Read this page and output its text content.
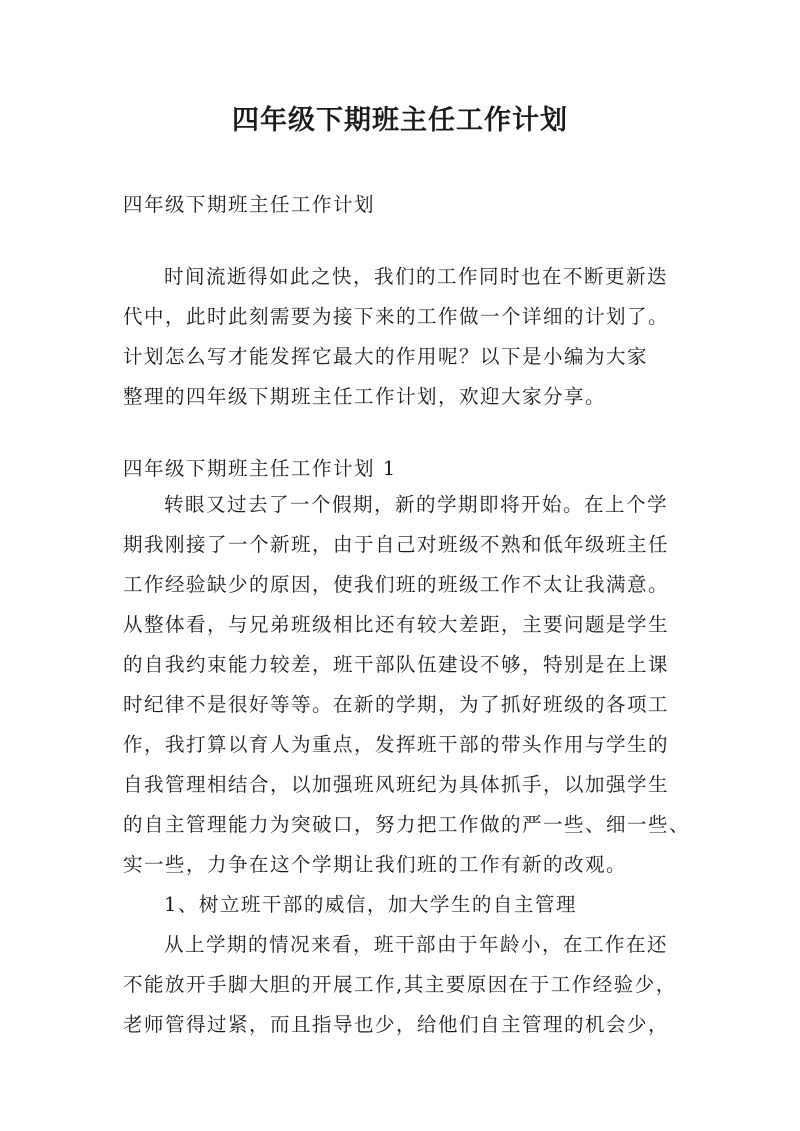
四年级下期班主任工作计划

四年级下期班主任工作计划

时间流逝得如此之快，我们的工作同时也在不断更新迭
代中，此时此刻需要为接下来的工作做一个详细的计划了。
计划怎么写才能发挥它最大的作用呢？以下是小编为大家
整理的四年级下期班主任工作计划，欢迎大家分享。

四年级下期班主任工作计划 1

转眼又过去了一个假期，新的学期即将开始。在上个学
期我刚接了一个新班，由于自己对班级不熟和低年级班主任
工作经验缺少的原因，使我们班的班级工作不太让我满意。
从整体看，与兄弟班级相比还有较大差距，主要问题是学生
的自我约束能力较差，班干部队伍建设不够，特别是在上课
时纪律不是很好等等。在新的学期，为了抓好班级的各项工
作，我打算以育人为重点，发挥班干部的带头作用与学生的
自我管理相结合，以加强班风班纪为具体抓手，以加强学生
的自主管理能力为突破口，努力把工作做的严一些、细一些、
实一些，力争在这个学期让我们班的工作有新的改观。
1、树立班干部的威信，加大学生的自主管理
从上学期的情况来看，班干部由于年龄小，在工作在还
不能放开手脚大胆的开展工作,其主要原因在于工作经验少，
老师管得过紧，而且指导也少，给他们自主管理的机会少，
